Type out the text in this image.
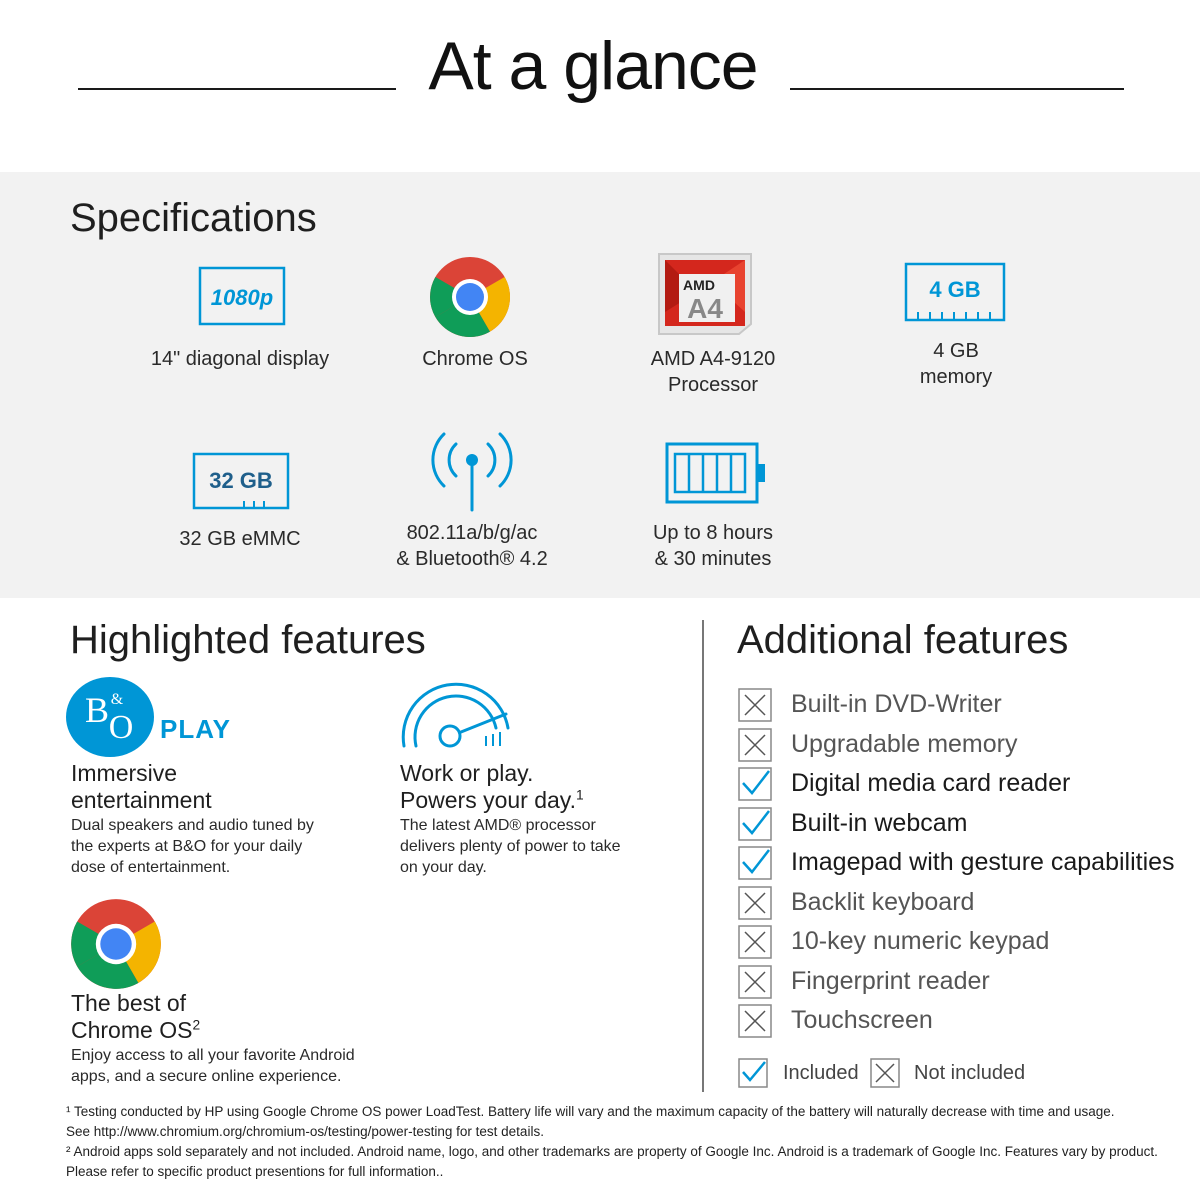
At a glance
Specifications
1080p
14" diagonal display	Chrome OS
AMD
A4
AMD A4-9120
Processor
4 GB
4 GB
memory
32 GB
32 GB eMMC	802.11a/b/g/ac
& Bluetooth® 4.2
Up to 8 hours
& 30 minutes
Highlighted features
B &
O PLAY
Immersive
entertainment
Dual speakers and audio tuned by
the experts at B&O for your daily
dose of entertainment.
Work or play.
Powers your day.$^1$
The latest AMD® processor
delivers plenty of power to take
on your day.
The best of
Chrome $OS^2$
Enjoy access to all your favorite Android
apps, and a secure online experience.
Additional features
Built-in DVD-Writer
Upgradable memory
Digital media card reader
Built-in webcam
Imagepad with gesture capabilities
Backlit keyboard
10-key numeric keypad
Fingerprint reader
Touchscreen
Included	Not included

¹ Testing conducted by HP using Google Chrome OS power LoadTest. Battery life will vary and the maximum capacity of the battery will naturally decrease with time and usage.

See http://www.chromium.org/chromium-os/testing/power-testing for test details.

² Android apps sold separately and not included. Android name, logo, and other trademarks are property of Google Inc. Android is a trademark of Google Inc. Features vary by product.

Please refer to specific product presentions for full information..
